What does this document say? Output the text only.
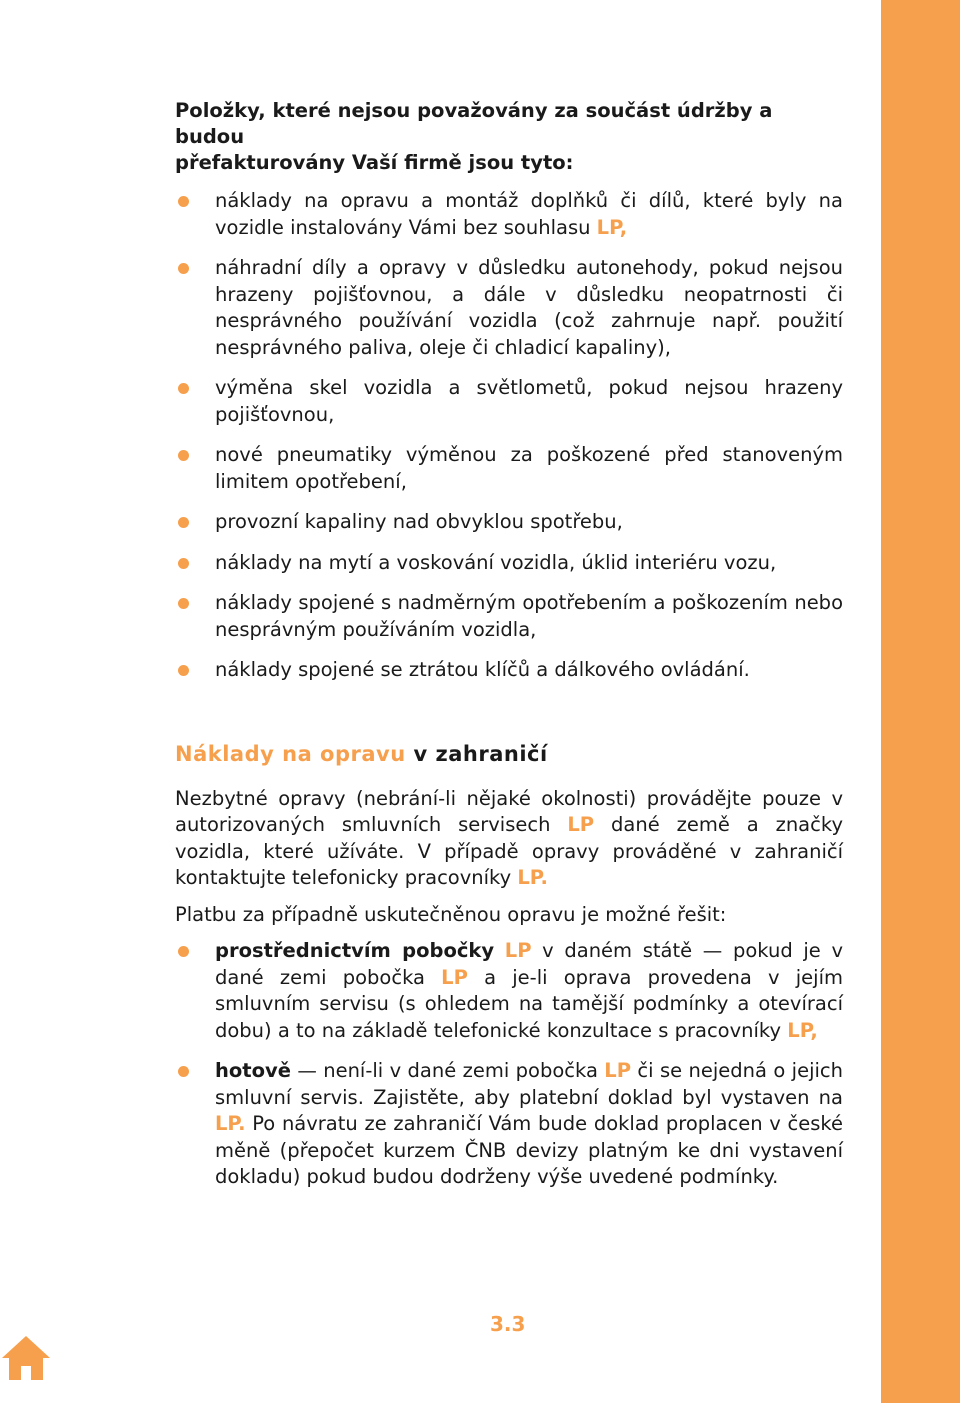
Položky, které nejsou považovány za součást údržby a budou
přefakturovány Vaší firmě jsou tyto:
náklady na opravu a montáž doplňků či dílů, které byly na vozidle instalovány Vámi bez souhlasu LP,
náhradní díly a opravy v důsledku autonehody, pokud nejsou hrazeny pojišťovnou, a dále v důsledku neopatrnosti či nesprávného používání vozidla (což zahrnuje např. použití nesprávného paliva, oleje či chladicí kapaliny),
výměna skel vozidla a světlometů, pokud nejsou hrazeny pojišťovnou,
nové pneumatiky výměnou za poškozené před stanoveným limitem opotřebení,
provozní kapaliny nad obvyklou spotřebu,
náklady na mytí a voskování vozidla, úklid interiéru vozu,
náklady spojené s nadměrným opotřebením a poškozením nebo nesprávným používáním vozidla,
náklady spojené se ztrátou klíčů a dálkového ovládání.
Náklady na opravu v zahraničí

Nezbytné opravy (nebrání-li nějaké okolnosti) provádějte pouze v autorizovaných smluvních servisech LP dané země a značky vozidla, které užíváte. V případě opravy prováděné v zahraničí kontaktujte telefonicky pracovníky LP.

Platbu za případně uskutečněnou opravu je možné řešit:

prostřednictvím pobočky LP v daném státě — pokud je v dané zemi pobočka LP a je-li oprava provedena v jejím smluvním servisu (s ohledem na tamější podmínky a otevírací dobu) a to na základě telefonické konzultace s pracovníky LP,
hotově — není-li v dané zemi pobočka LP či se nejedná o jejich smluvní servis. Zajistěte, aby platební doklad byl vystaven na LP. Po návratu ze zahraničí Vám bude doklad proplacen v české měně (přepočet kurzem ČNB devizy platným ke dni vystavení dokladu) pokud budou dodrženy výše uvedené podmínky.
3.3
